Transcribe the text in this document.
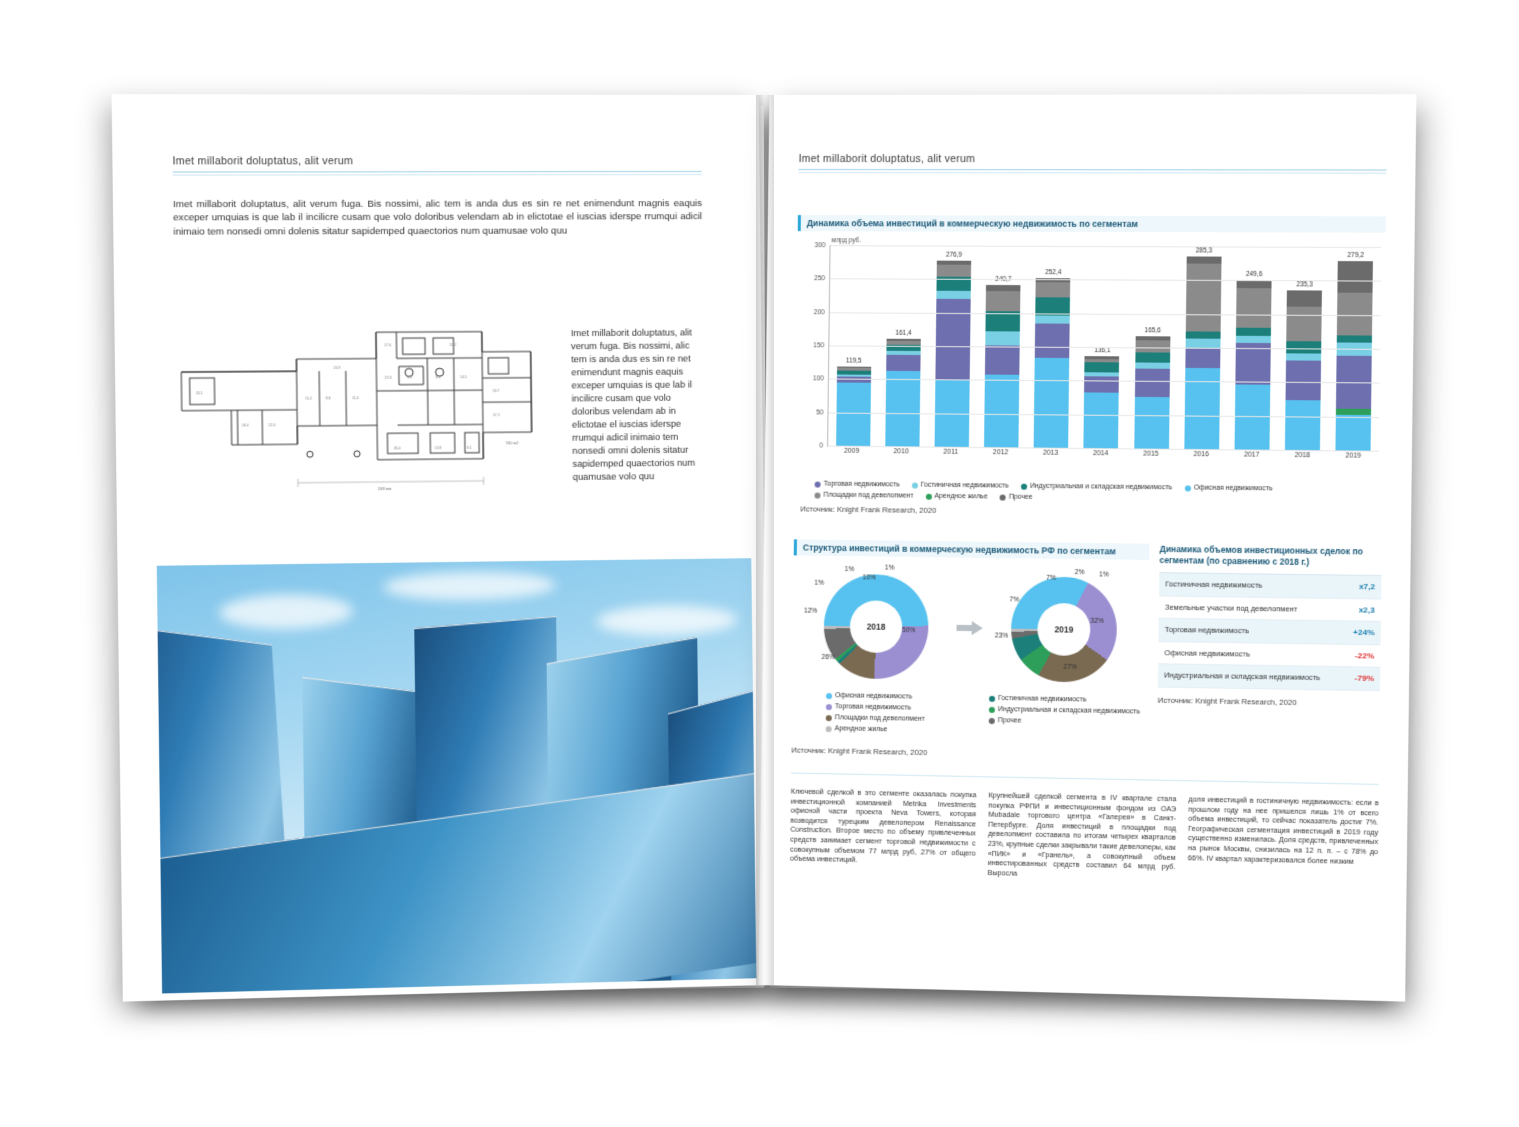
Imet millaborit doluptatus, alit verum
Imet millaborit doluptatus, alit verum fuga. Bis nossimi, alic tem is anda dus es sin re net enimendunt magnis eaquis exceper umquias is que lab il incilicre cusam que volo doloribus velendam ab in elictotae el iuscias iderspe rrumqui adicil inimaio tem nonsedi omni dolenis sitatur sapidemped quaectorios num quamusae volo quu
24.1
18.4	12.0
15.2	9.8	11.4
22.6	8.3	8.3	14.5
19.7
17.2
26.4	13.8	6.1
24.9
17.6	10.2
248 мм
740 м2
Imet millaborit doluptatus, alit verum fuga. Bis nossimi, alic tem is anda dus es sin re net enimendunt magnis eaquis exceper umquias is que lab il incilicre cusam que volo doloribus velendam ab in elictotae el iuscias iderspe rrumqui adicil inimaio tem nonsedi omni dolenis sitatur sapidemped quaectorios num quamusae volo quu
Imet millaborit doluptatus, alit verum
Динамика объема инвестиций в коммерческую недвижимость по сегментам
млрд руб.
0
50
100
150
200
250
300
119,5
161,4
276,9
252,4
136,1
165,6
285,3
249,6
235,3
279,2
2009	2010	2011	2012	2013	2014	2015	2016	2017	2018	2019
Торговая недвижимость	Гостиничная недвижимость	Индустриальная и складская недвижимость	Офисная недвижимость
Площадки под девелопмент	Арендное жилье	Прочее
Источник: Knight Frank Research, 2020
Структура инвестиций в коммерческую недвижимость РФ по сегментам
2018	50%
26%
12%
1%
1%
10%
1%
2019
32%
27%
23%
7%
7%
2% 1%
Офисная недвижимость	Гостиничная недвижимость
Торговая недвижимость	Индустриальная и складская недвижимость
Площадки под девелопмент	Прочее
Арендное жилье
Источник: Knight Frank Research, 2020
Динамика объемов инвестиционных сделок по сегментам (по сравнению с 2018 г.)
Гостиничная недвижимость	x7,2
Земельные участки под девелопмент	x2,3
Торговая недвижимость	+24%
Офисная недвижимость	-22%
Индустриальная и складская недвижимость	-79%
Источник: Knight Frank Research, 2020
Ключевой сделкой в это сегменте оказалась покупка инвестиционной компанией Metrika Investments офисной части проекта Neva Towers, которая возводится турецким девелопером Renaissance Construction. Второе место по объему привлеченных средств занимает сегмент торговой недвижимости с совокупным объемом 77 млрд руб, 27% от общего объема инвестиций.
Крупнейшей сделкой сегмента в IV квартале стала покупка РФПИ и инвестиционным фондом из ОАЭ Mubadale торгового центра «Галерея» в Санкт-Петербурге. Доля инвестиций в площадки под девелопмент составила по итогам четырех кварталов 23%, крупные сделки закрывали такие девелоперы, как «ПИК» и «Гранель», а совокупный объем инвестированных средств составил 64 млрд руб. Выросла
доля инвестиций в гостиничную недвижимость: если в прошлом году на нее пришелся лишь 1% от всего объема инвестиций, то сейчас показатель достиг 7%. Географическая сегментация инвестиций в 2019 году существенно изменилась. Доля средств, привлеченных на рынок Москвы, снизилась на 12 п. п. – с 78% до 66%. IV квартал характеризовался более низким
